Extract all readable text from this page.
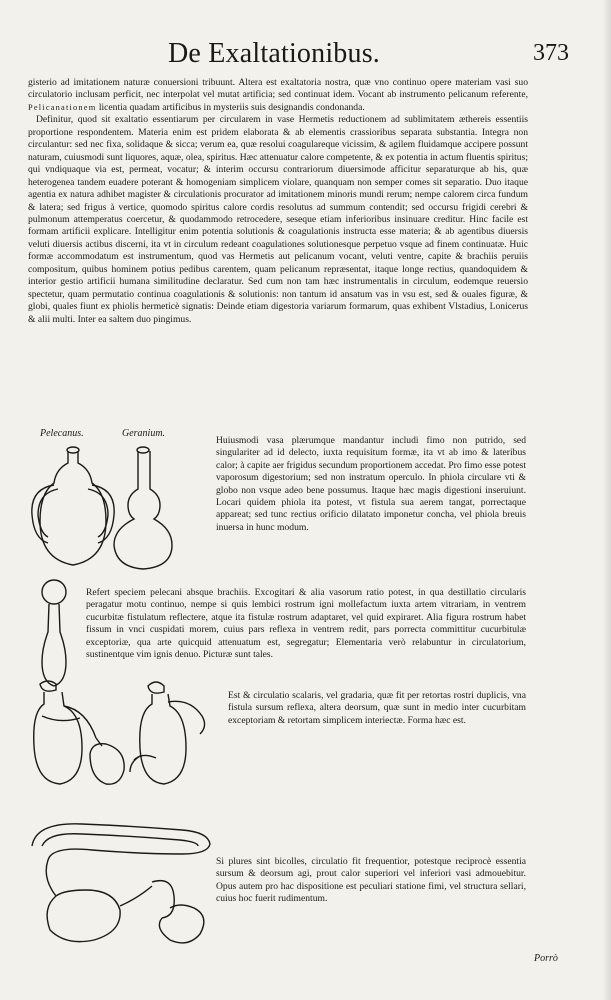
De Exaltationibus.	373

gisterio ad imitationem naturæ conuersioni tribuunt. Altera est exaltatoria nostra, quæ vno continuo opere materiam vasi suo circulatorio inclusam perficit, nec interpolat vel mutat artificia; sed continuat idem. Vocant ab instrumento pelicanum referente, Pelicanationem licentia quadam artificibus in mysteriis suis designandis condonanda.

Definitur, quod sit exaltatio essentiarum per circularem in vase Hermetis reductionem ad sublimitatem æthereis essentiis proportione respondentem. Materia enim est pridem elaborata & ab elementis crassioribus separata substantia. Integra non circulantur: sed nec fixa, solidaque & sicca; verum ea, quæ resolui coagulareque vicissim, & agilem fluidamque accipere possunt naturam, cuiusmodi sunt liquores, aquæ, olea, spiritus. Hæc attenuatur calore competente, & ex potentia in actum fluentis spiritus; qui vndiquaque via est, permeat, vocatur; & interim occursu contrariorum diuersimode afficitur separaturque ab his, quæ heterogenea tandem euadere poterant & homogeniam simplicem violare, quanquam non semper comes sit separatio. Duo itaque agentia ex natura adhibet magister & circulationis procurator ad imitationem minoris mundi rerum; nempe calorem circa fundum & latera; sed frigus à vertice, quomodo spiritus calore cordis resolutus ad summum contendit; sed occursu frigidi cerebri & pulmonum attemperatus coercetur, & quodammodo retrocedere, seseque etiam inferioribus insinuare creditur. Hinc facile est formam artificii explicare. Intelligitur enim potentia solutionis & coagulationis instructa esse materia; & ab agentibus diuersis veluti diuersis actibus discerni, ita vt in circulum redeant coagulationes solutionesque perpetuo vsque ad finem continuatæ. Huic formæ accommodatum est instrumentum, quod vas Hermetis aut pelicanum vocant, veluti ventre, capite & brachiis peruiis compositum, quibus hominem potius pedibus carentem, quam pelicanum repræsentat, itaque longe rectius, quandoquidem & interior gestio artificii humana similitudine declaratur. Sed cum non tam hæc instrumentalis in circulum, eodemque reuersio spectetur, quam permutatio continua coagulationis & solutionis: non tantum id ansatum vas in vsu est, sed & ouales figuræ, & globi, quales fiunt ex phiolis hermeticè signatis: Deinde etiam digestoria variarum formarum, quas exhibent Vlstadius, Lonicerus & alii multi. Inter ea saltem duo pingimus.

Pelecanus.	Geranium.
Huiusmodi vasa plærumque mandantur includi fimo non putrido, sed singulariter ad id delecto, iuxta requisitum formæ, ita vt ab imo & lateribus calor; à capite aer frigidus secundum proportionem accedat. Pro fimo esse potest vaporosum digestorium; sed non instratum operculo. In phiola circulare vti & globo non vsque adeo bene possumus. Itaque hæc magis digestioni inseruiunt. Locari quidem phiola ita potest, vt fistula sua aerem tangat, porrectaque appareat; sed tunc rectius orificio dilatato imponetur concha, vel phiola breuis inuersa in hunc modum.
Refert speciem pelecani absque brachiis. Excogitari & alia vasorum ratio potest, in qua destillatio circularis peragatur motu continuo, nempe si quis lembici rostrum igni mollefactum iuxta artem vitrariam, in ventrem cucurbitæ fistulatum reflectere, atque ita fistulæ rostrum adaptaret, vel quid expiraret. Alia figura rostrum habet fissum in vnci cuspidati morem, cuius pars reflexa in ventrem redit, pars porrecta committitur cucurbitulæ exceptoriæ, qua arte quicquid attenuatum est, segregatur; Elementaria verò relabuntur in circulatorium, sustinentque vim ignis denuo. Picturæ sunt tales.
Est & circulatio scalaris, vel gradaria, quæ fit per retortas rostri duplicis, vna fistula sursum reflexa, altera deorsum, quæ sunt in medio inter cucurbitam exceptoriam & retortam simplicem interiectæ. Forma hæc est.
Si plures sint bicolles, circulatio fit frequentior, potestque reciprocè essentia sursum & deorsum agi, prout calor superiori vel inferiori vasi admouebitur. Opus autem pro hac dispositione est peculiari statione fimi, vel structura sellari, cuius hoc fuerit rudimentum.
Porrò
